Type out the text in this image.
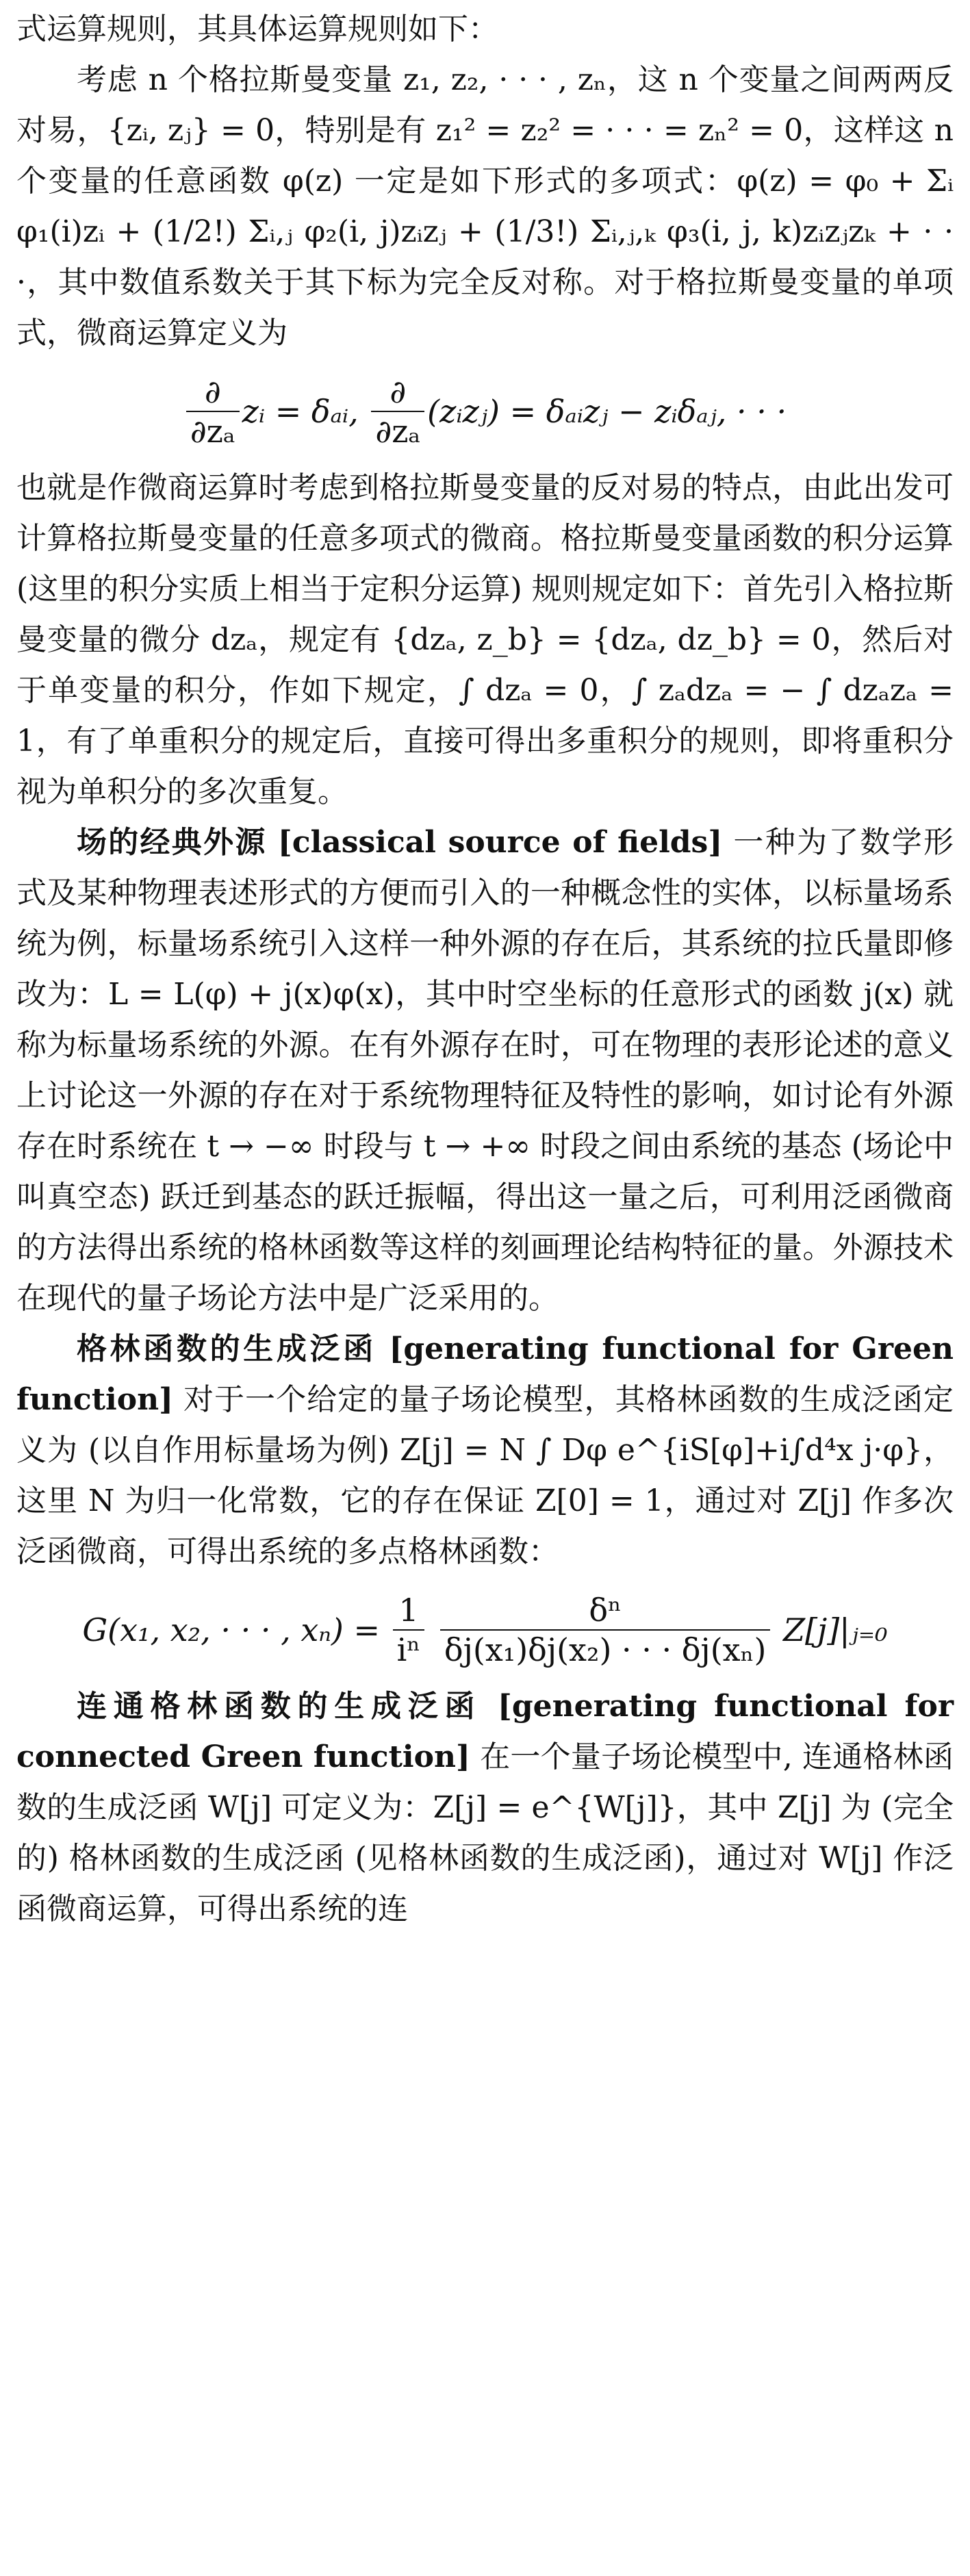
式运算规则，其具体运算规则如下：

考虑 n 个格拉斯曼变量 z₁, z₂, · · · , zₙ，这 n 个变量之间两两反对易，{zᵢ, zⱼ} = 0，特别是有 z₁² = z₂² = · · · = zₙ² = 0，这样这 n 个变量的任意函数 φ(z) 一定是如下形式的多项式：φ(z) = φ₀ + Σᵢ φ₁(i)zᵢ + (1/2!) Σᵢ,ⱼ φ₂(i, j)zᵢzⱼ + (1/3!) Σᵢ,ⱼ,ₖ φ₃(i, j, k)zᵢzⱼzₖ + · · ·，其中数值系数关于其下标为完全反对称。对于格拉斯曼变量的单项式，微商运算定义为

$\frac{\partial}{\text{∂zₐ}}$ zᵢ = δₐᵢ, $\frac{\partial}{\text{∂zₐ}}$ (zᵢzⱼ) = δₐᵢzⱼ − zᵢδₐⱼ, · · ·

也就是作微商运算时考虑到格拉斯曼变量的反对易的特点，由此出发可计算格拉斯曼变量的任意多项式的微商。格拉斯曼变量函数的积分运算 (这里的积分实质上相当于定积分运算) 规则规定如下：首先引入格拉斯曼变量的微分 dzₐ，规定有 {dzₐ, z_b} = {dzₐ, dz_b} = 0，然后对于单变量的积分，作如下规定，∫ dzₐ = 0，∫ zₐdzₐ = − ∫ dzₐzₐ = 1，有了单重积分的规定后，直接可得出多重积分的规则，即将重积分视为单积分的多次重复。

场的经典外源 [classical source of fields] 一种为了数学形式及某种物理表述形式的方便而引入的一种概念性的实体，以标量场系统为例，标量场系统引入这样一种外源的存在后，其系统的拉氏量即修改为：L = L(φ) + j(x)φ(x)，其中时空坐标的任意形式的函数 j(x) 就称为标量场系统的外源。在有外源存在时，可在物理的表形论述的意义上讨论这一外源的存在对于系统物理特征及特性的影响，如讨论有外源存在时系统在 t → −∞ 时段与 t → +∞ 时段之间由系统的基态 (场论中叫真空态) 跃迁到基态的跃迁振幅，得出这一量之后，可利用泛函微商的方法得出系统的格林函数等这样的刻画理论结构特征的量。外源技术在现代的量子场论方法中是广泛采用的。

格林函数的生成泛函 [generating functional for Green function] 对于一个给定的量子场论模型，其格林函数的生成泛函定义为 (以自作用标量场为例) Z[j] = N ∫ Dφ e^{iS[φ]+i∫d⁴x j·φ}，这里 N 为归一化常数，它的存在保证 Z[0] = 1，通过对 Z[j] 作多次泛函微商，可得出系统的多点格林函数：

G(x₁, x₂, · · · , $x_n) = \frac{1}{\text{iⁿ}}$
$\frac{\text{δⁿ}}{\text{δj(x₁)δj(x₂) · · · δj(xₙ)}}$ Z[j]|ⱼ₌₀

连通格林函数的生成泛函 [generating functional for connected Green function] 在一个量子场论模型中, 连通格林函数的生成泛函 W[j] 可定义为：Z[j] = e^{W[j]}，其中 Z[j] 为 (完全的) 格林函数的生成泛函 (见格林函数的生成泛函)，通过对 W[j] 作泛函微商运算，可得出系统的连
